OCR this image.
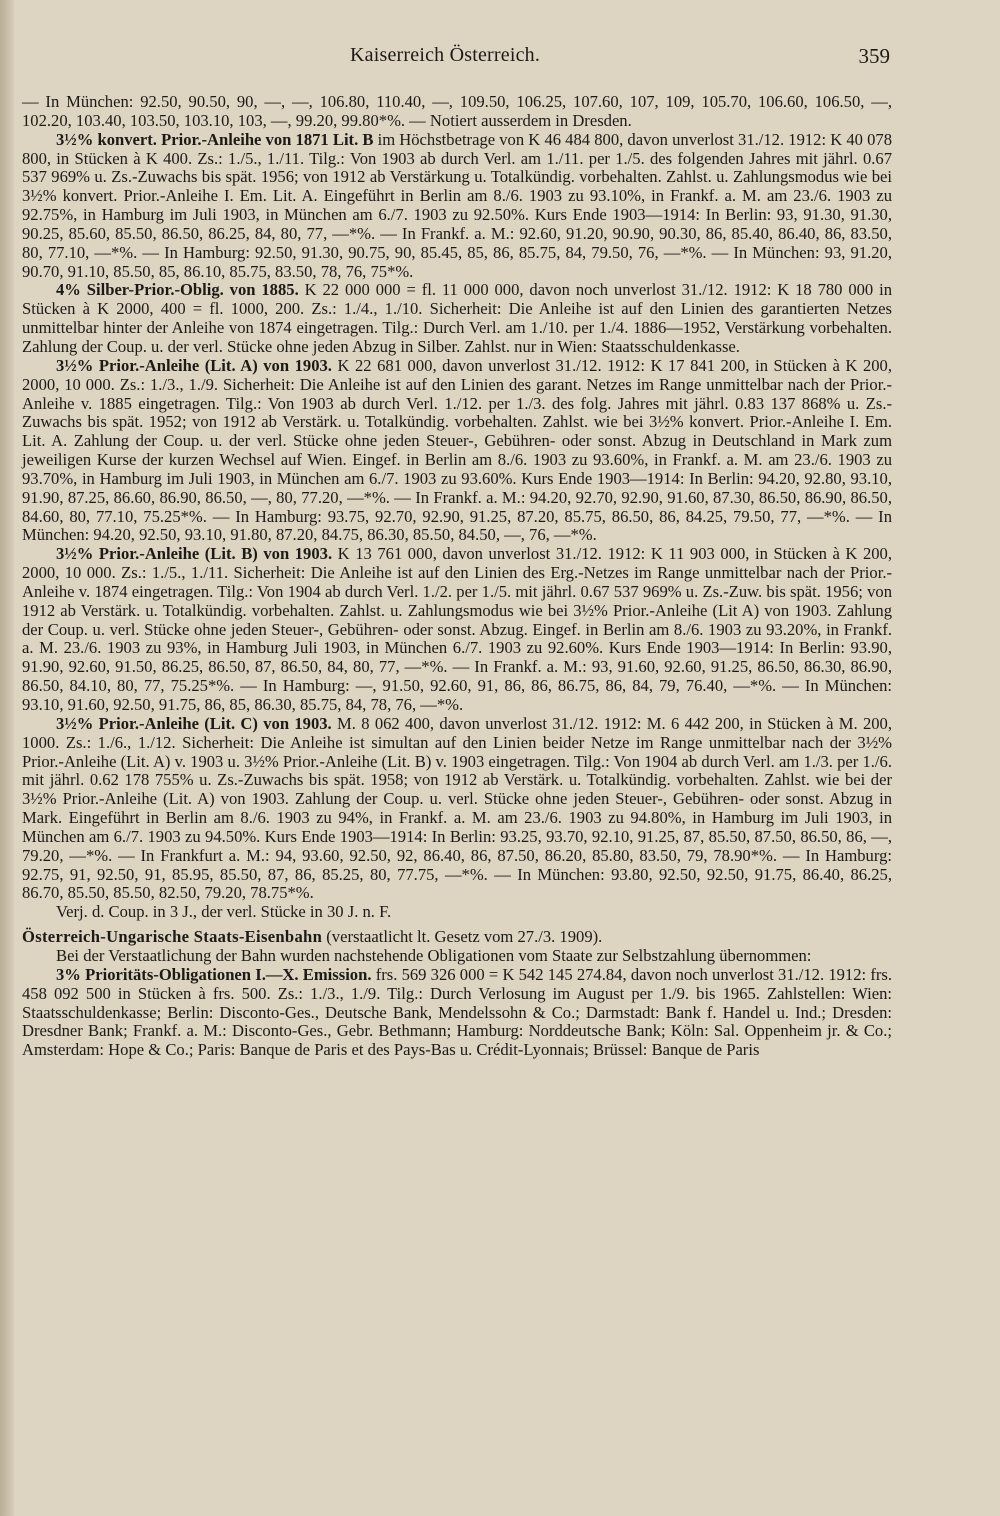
Kaiserreich Österreich.	359

— In München: 92.50, 90.50, 90, —, —, 106.80, 110.40, —, 109.50, 106.25, 107.60, 107, 109, 105.70, 106.60, 106.50, —, 102.20, 103.40, 103.50, 103.10, 103, —, 99.20, 99.80*%. — Notiert ausserdem in Dresden.

3½% konvert. Prior.-Anleihe von 1871 Lit. B im Höchstbetrage von K 46 484 800, davon unverlost 31./12. 1912: K 40 078 800, in Stücken à K 400. Zs.: 1./5., 1./11. Tilg.: Von 1903 ab durch Verl. am 1./11. per 1./5. des folgenden Jahres mit jährl. 0.67 537 969% u. Zs.-Zuwachs bis spät. 1956; von 1912 ab Verstärkung u. Totalkündig. vorbehalten. Zahlst. u. Zahlungsmodus wie bei 3½% konvert. Prior.-Anleihe I. Em. Lit. A. Eingeführt in Berlin am 8./6. 1903 zu 93.10%, in Frankf. a. M. am 23./6. 1903 zu 92.75%, in Hamburg im Juli 1903, in München am 6./7. 1903 zu 92.50%. Kurs Ende 1903—1914: In Berlin: 93, 91.30, 91.30, 90.25, 85.60, 85.50, 86.50, 86.25, 84, 80, 77, —*%. — In Frankf. a. M.: 92.60, 91.20, 90.90, 90.30, 86, 85.40, 86.40, 86, 83.50, 80, 77.10, —*%. — In Hamburg: 92.50, 91.30, 90.75, 90, 85.45, 85, 86, 85.75, 84, 79.50, 76, —*%. — In München: 93, 91.20, 90.70, 91.10, 85.50, 85, 86.10, 85.75, 83.50, 78, 76, 75*%.

4% Silber-Prior.-Oblig. von 1885. K 22 000 000 = fl. 11 000 000, davon noch unverlost 31./12. 1912: K 18 780 000 in Stücken à K 2000, 400 = fl. 1000, 200. Zs.: 1./4., 1./10. Sicherheit: Die Anleihe ist auf den Linien des garantierten Netzes unmittelbar hinter der Anleihe von 1874 eingetragen. Tilg.: Durch Verl. am 1./10. per 1./4. 1886—1952, Verstärkung vorbehalten. Zahlung der Coup. u. der verl. Stücke ohne jeden Abzug in Silber. Zahlst. nur in Wien: Staatsschuldenkasse.

3½% Prior.-Anleihe (Lit. A) von 1903. K 22 681 000, davon unverlost 31./12. 1912: K 17 841 200, in Stücken à K 200, 2000, 10 000. Zs.: 1./3., 1./9. Sicherheit: Die Anleihe ist auf den Linien des garant. Netzes im Range unmittelbar nach der Prior.-Anleihe v. 1885 eingetragen. Tilg.: Von 1903 ab durch Verl. 1./12. per 1./3. des folg. Jahres mit jährl. 0.83 137 868% u. Zs.-Zuwachs bis spät. 1952; von 1912 ab Verstärk. u. Totalkündig. vorbehalten. Zahlst. wie bei 3½% konvert. Prior.-Anleihe I. Em. Lit. A. Zahlung der Coup. u. der verl. Stücke ohne jeden Steuer-, Gebühren- oder sonst. Abzug in Deutschland in Mark zum jeweiligen Kurse der kurzen Wechsel auf Wien. Eingef. in Berlin am 8./6. 1903 zu 93.60%, in Frankf. a. M. am 23./6. 1903 zu 93.70%, in Hamburg im Juli 1903, in München am 6./7. 1903 zu 93.60%. Kurs Ende 1903—1914: In Berlin: 94.20, 92.80, 93.10, 91.90, 87.25, 86.60, 86.90, 86.50, —, 80, 77.20, —*%. — In Frankf. a. M.: 94.20, 92.70, 92.90, 91.60, 87.30, 86.50, 86.90, 86.50, 84.60, 80, 77.10, 75.25*%. — In Hamburg: 93.75, 92.70, 92.90, 91.25, 87.20, 85.75, 86.50, 86, 84.25, 79.50, 77, —*%. — In München: 94.20, 92.50, 93.10, 91.80, 87.20, 84.75, 86.30, 85.50, 84.50, —, 76, —*%.

3½% Prior.-Anleihe (Lit. B) von 1903. K 13 761 000, davon unverlost 31./12. 1912: K 11 903 000, in Stücken à K 200, 2000, 10 000. Zs.: 1./5., 1./11. Sicherheit: Die Anleihe ist auf den Linien des Erg.-Netzes im Range unmittelbar nach der Prior.-Anleihe v. 1874 eingetragen. Tilg.: Von 1904 ab durch Verl. 1./2. per 1./5. mit jährl. 0.67 537 969% u. Zs.-Zuw. bis spät. 1956; von 1912 ab Verstärk. u. Totalkündig. vorbehalten. Zahlst. u. Zahlungsmodus wie bei 3½% Prior.-Anleihe (Lit A) von 1903. Zahlung der Coup. u. verl. Stücke ohne jeden Steuer-, Gebühren- oder sonst. Abzug. Eingef. in Berlin am 8./6. 1903 zu 93.20%, in Frankf. a. M. 23./6. 1903 zu 93%, in Hamburg Juli 1903, in München 6./7. 1903 zu 92.60%. Kurs Ende 1903—1914: In Berlin: 93.90, 91.90, 92.60, 91.50, 86.25, 86.50, 87, 86.50, 84, 80, 77, —*%. — In Frankf. a. M.: 93, 91.60, 92.60, 91.25, 86.50, 86.30, 86.90, 86.50, 84.10, 80, 77, 75.25*%. — In Hamburg: —, 91.50, 92.60, 91, 86, 86, 86.75, 86, 84, 79, 76.40, —*%. — In München: 93.10, 91.60, 92.50, 91.75, 86, 85, 86.30, 85.75, 84, 78, 76, —*%.

3½% Prior.-Anleihe (Lit. C) von 1903. M. 8 062 400, davon unverlost 31./12. 1912: M. 6 442 200, in Stücken à M. 200, 1000. Zs.: 1./6., 1./12. Sicherheit: Die Anleihe ist simultan auf den Linien beider Netze im Range unmittelbar nach der 3½% Prior.-Anleihe (Lit. A) v. 1903 u. 3½% Prior.-Anleihe (Lit. B) v. 1903 eingetragen. Tilg.: Von 1904 ab durch Verl. am 1./3. per 1./6. mit jährl. 0.62 178 755% u. Zs.-Zuwachs bis spät. 1958; von 1912 ab Verstärk. u. Totalkündig. vorbehalten. Zahlst. wie bei der 3½% Prior.-Anleihe (Lit. A) von 1903. Zahlung der Coup. u. verl. Stücke ohne jeden Steuer-, Gebühren- oder sonst. Abzug in Mark. Eingeführt in Berlin am 8./6. 1903 zu 94%, in Frankf. a. M. am 23./6. 1903 zu 94.80%, in Hamburg im Juli 1903, in München am 6./7. 1903 zu 94.50%. Kurs Ende 1903—1914: In Berlin: 93.25, 93.70, 92.10, 91.25, 87, 85.50, 87.50, 86.50, 86, —, 79.20, —*%. — In Frankfurt a. M.: 94, 93.60, 92.50, 92, 86.40, 86, 87.50, 86.20, 85.80, 83.50, 79, 78.90*%. — In Hamburg: 92.75, 91, 92.50, 91, 85.95, 85.50, 87, 86, 85.25, 80, 77.75, —*%. — In München: 93.80, 92.50, 92.50, 91.75, 86.40, 86.25, 86.70, 85.50, 85.50, 82.50, 79.20, 78.75*%.

Verj. d. Coup. in 3 J., der verl. Stücke in 30 J. n. F.

Österreich-Ungarische Staats-Eisenbahn (verstaatlicht lt. Gesetz vom 27./3. 1909).

Bei der Verstaatlichung der Bahn wurden nachstehende Obligationen vom Staate zur Selbstzahlung übernommen:

3% Prioritäts-Obligationen I.—X. Emission. frs. 569 326 000 = K 542 145 274.84, davon noch unverlost 31./12. 1912: frs. 458 092 500 in Stücken à frs. 500. Zs.: 1./3., 1./9. Tilg.: Durch Verlosung im August per 1./9. bis 1965. Zahlstellen: Wien: Staatsschuldenkasse; Berlin: Disconto-Ges., Deutsche Bank, Mendelssohn & Co.; Darmstadt: Bank f. Handel u. Ind.; Dresden: Dresdner Bank; Frankf. a. M.: Disconto-Ges., Gebr. Bethmann; Hamburg: Norddeutsche Bank; Köln: Sal. Oppenheim jr. & Co.; Amsterdam: Hope & Co.; Paris: Banque de Paris et des Pays-Bas u. Crédit-Lyonnais; Brüssel: Banque de Paris
